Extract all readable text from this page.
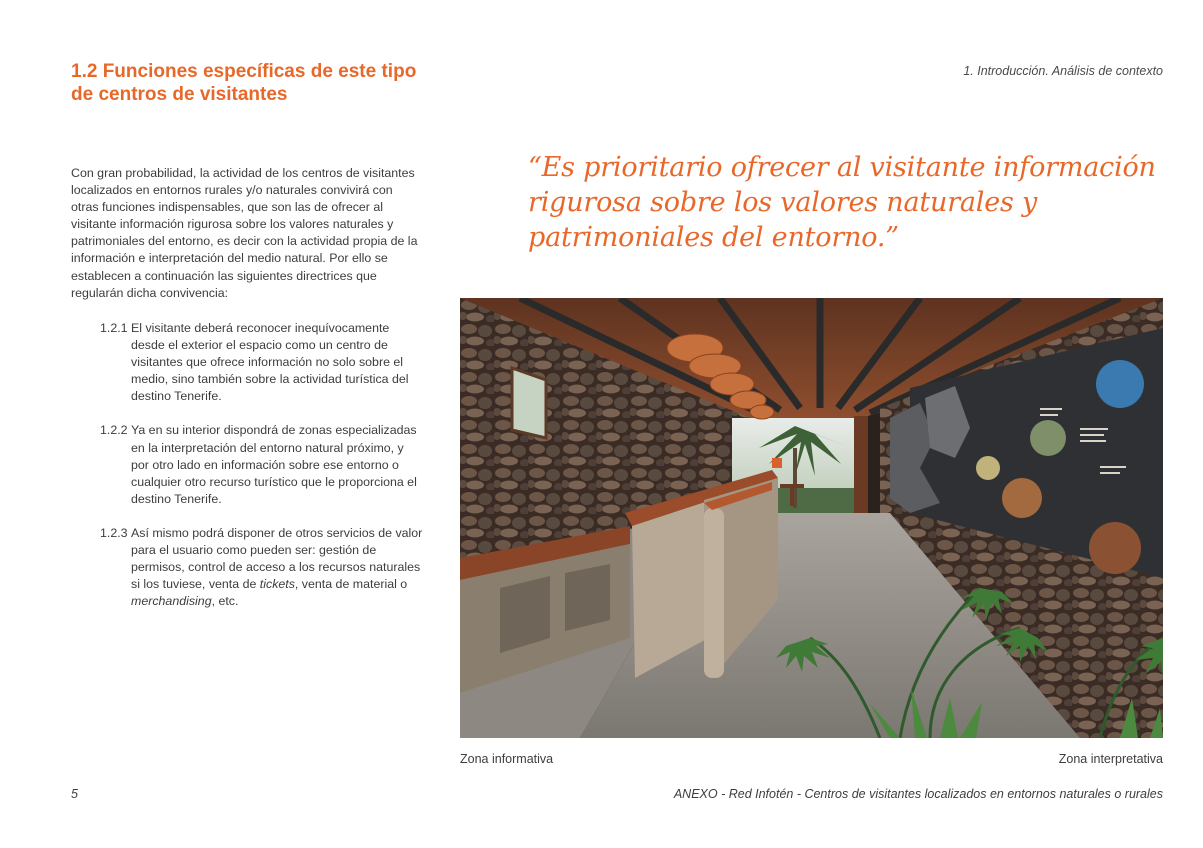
1.2 Funciones específicas de este tipo de centros de visitantes
1. Introducción. Análisis de contexto

Con gran probabilidad, la actividad de los centros de visitantes localizados en entornos rurales y/o naturales convivirá con otras funciones indispensables, que son las de ofrecer al visitante información rigurosa sobre los valores naturales y patrimoniales del entorno, es decir con la actividad propia de la información e interpretación del medio natural. Por ello se establecen a continuación las siguientes directrices que regularán dicha convivencia:

1.2.1 El visitante deberá reconocer inequívocamente desde el exterior el espacio como un centro de visitantes que ofrece información no solo sobre el medio, sino también sobre la actividad turística del destino Tenerife.
1.2.2 Ya en su interior dispondrá de zonas especializadas en la interpretación del entorno natural próximo, y por otro lado en información sobre ese entorno o cualquier otro recurso turístico que le proporciona el destino Tenerife.
1.2.3 Así mismo podrá disponer de otros servicios de valor para el usuario como pueden ser: gestión de permisos, control de acceso a los recursos naturales si los tuviese, venta de tickets, venta de material o merchandising, etc.

“Es prioritario ofrecer al visitante información rigurosa sobre los valores naturales y patrimoniales del entorno.”

Zona informativa	Zona interpretativa
5	ANEXO - Red Infotén - Centros de visitantes localizados en entornos naturales o rurales
